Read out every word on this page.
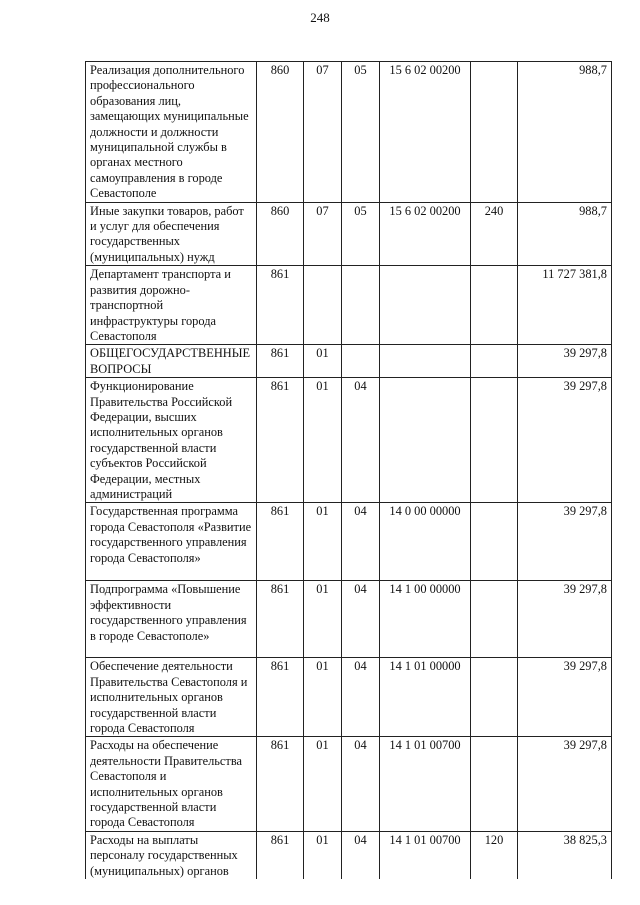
248
Реализация дополнительного профессионального образования лиц, замещающих муниципальные должности и должности муниципальной службы в органах местного самоуправления в городе Севастополе	860	07	05	15 6 02 00200		988,7
Иные закупки товаров, работ и услуг для обеспечения государственных (муниципальных) нужд	860	07	05	15 6 02 00200	240	988,7
Департамент транспорта и развития дорожно-транспортной инфраструктуры города Севастополя	861					11 727 381,8
ОБЩЕГОСУДАРСТВЕННЫЕ ВОПРОСЫ	861	01				39 297,8
Функционирование Правительства Российской Федерации, высших исполнительных органов государственной власти субъектов Российской Федерации, местных администраций	861	01	04			39 297,8
Государственная программа города Севастополя «Развитие государственного управления города Севастополя»	861	01	04	14 0 00 00000		39 297,8
Подпрограмма «Повышение эффективности государственного управления в городе Севастополе»	861	01	04	14 1 00 00000		39 297,8
Обеспечение деятельности Правительства Севастополя и исполнительных органов государственной власти города Севастополя	861	01	04	14 1 01 00000		39 297,8
Расходы на обеспечение деятельности Правительства Севастополя и исполнительных органов государственной власти города Севастополя	861	01	04	14 1 01 00700		39 297,8
Расходы на выплаты персоналу государственных (муниципальных) органов	861	01	04	14 1 01 00700	120	38 825,3
